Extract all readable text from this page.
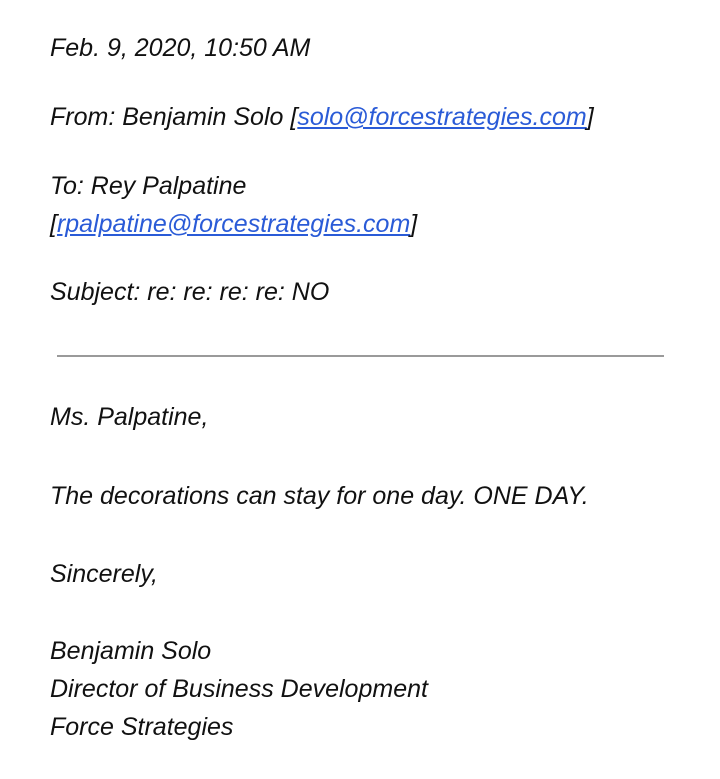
Feb. 9, 2020, 10:50 AM
From: Benjamin Solo [solo@forcestrategies.com]
To: Rey Palpatine
[rpalpatine@forcestrategies.com]
Subject: re: re: re: re: NO
Ms. Palpatine,
The decorations can stay for one day. ONE DAY.
Sincerely,
Benjamin Solo
Director of Business Development
Force Strategies
